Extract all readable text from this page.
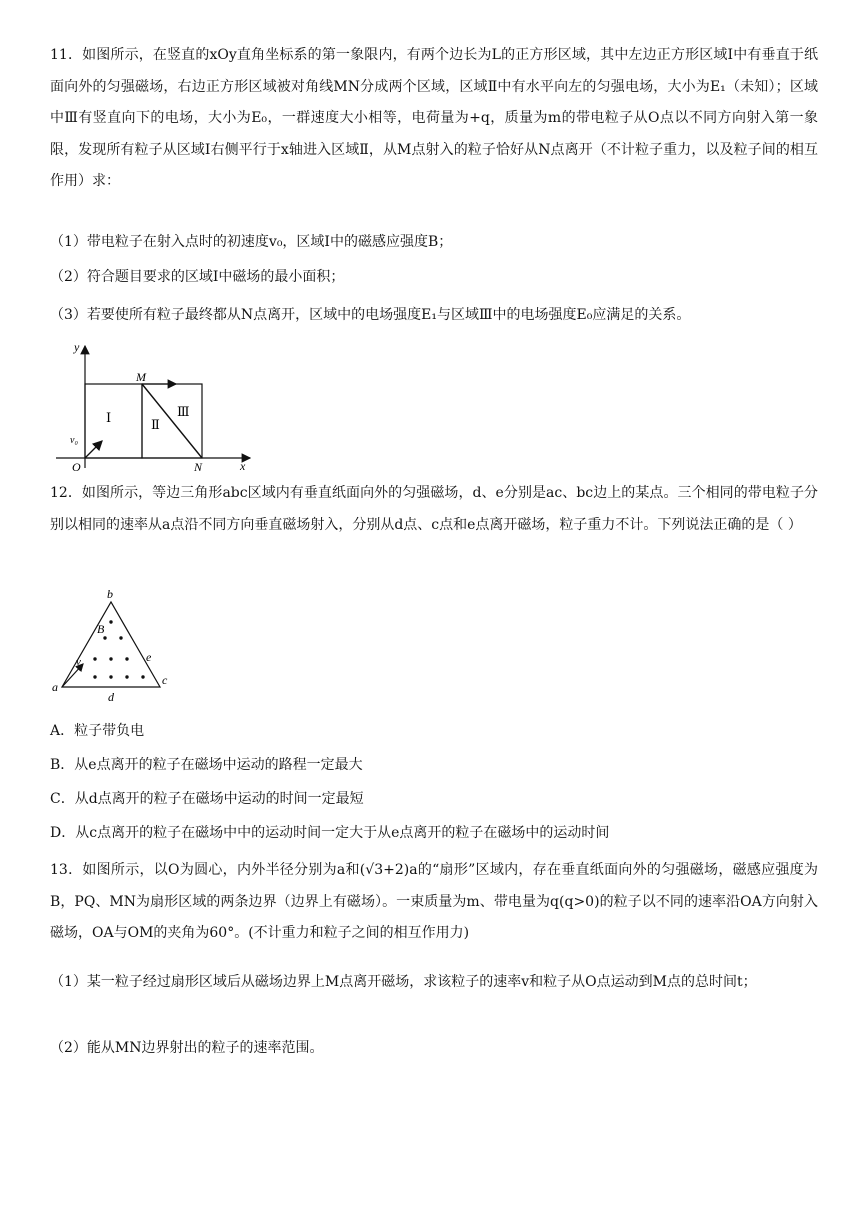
11．如图所示，在竖直的xOy直角坐标系的第一象限内，有两个边长为L的正方形区域，其中左边正方形区域Ⅰ中有垂直于纸面向外的匀强磁场，右边正方形区域被对角线MN分成两个区域，区域Ⅱ中有水平向左的匀强电场，大小为E₁（未知）；区域中Ⅲ有竖直向下的电场，大小为E₀，一群速度大小相等，电荷量为+q，质量为m的带电粒子从O点以不同方向射入第一象限，发现所有粒子从区域Ⅰ右侧平行于x轴进入区域Ⅱ，从M点射入的粒子恰好从N点离开（不计粒子重力，以及粒子间的相互作用）求：

（1）带电粒子在射入点时的初速度v₀，区域Ⅰ中的磁感应强度B；

（2）符合题目要求的区域Ⅰ中磁场的最小面积；

（3）若要使所有粒子最终都从N点离开，区域中的电场强度E₁与区域Ⅲ中的电场强度E₀应满足的关系。

y
x
O
M
N
v₀
Ⅰ	Ⅱ
Ⅲ

12．如图所示，等边三角形abc区域内有垂直纸面向外的匀强磁场，d、e分别是ac、bc边上的某点。三个相同的带电粒子分别以相同的速率从a点沿不同方向垂直磁场射入，分别从d点、c点和e点离开磁场，粒子重力不计。下列说法正确的是（ ）

b
a	c
d
e
B
v

A．粒子带负电

B．从e点离开的粒子在磁场中运动的路程一定最大

C．从d点离开的粒子在磁场中运动的时间一定最短

D．从c点离开的粒子在磁场中中的运动时间一定大于从e点离开的粒子在磁场中的运动时间

13．如图所示，以O为圆心，内外半径分别为a和(√3+2)a的“扇形”区域内，存在垂直纸面向外的匀强磁场，磁感应强度为B，PQ、MN为扇形区域的两条边界（边界上有磁场）。一束质量为m、带电量为q(q>0)的粒子以不同的速率沿OA方向射入磁场，OA与OM的夹角为60°。(不计重力和粒子之间的相互作用力)

（1）某一粒子经过扇形区域后从磁场边界上M点离开磁场，求该粒子的速率v和粒子从O点运动到M点的总时间t；

（2）能从MN边界射出的粒子的速率范围。
